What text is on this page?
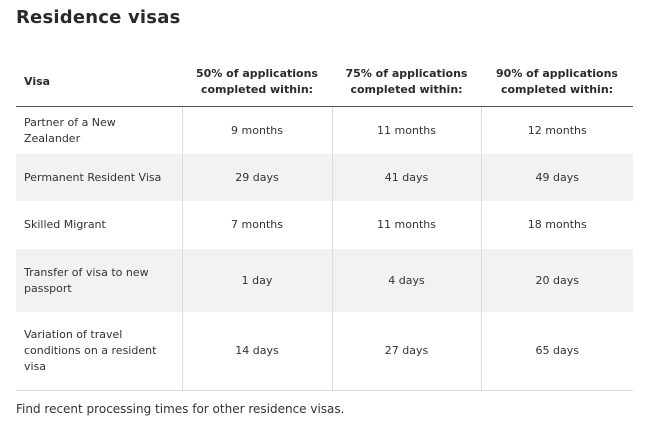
Residence visas
Visa	50% of applications completed within:	75% of applications completed within:	90% of applications completed within:
Partner of a New Zealander	9 months	11 months	12 months
Permanent Resident Visa	29 days	41 days	49 days
Skilled Migrant	7 months	11 months	18 months
Transfer of visa to new passport	1 day	4 days	20 days
Variation of travel conditions on a resident visa	14 days	27 days	65 days

Find recent processing times for other residence visas.
